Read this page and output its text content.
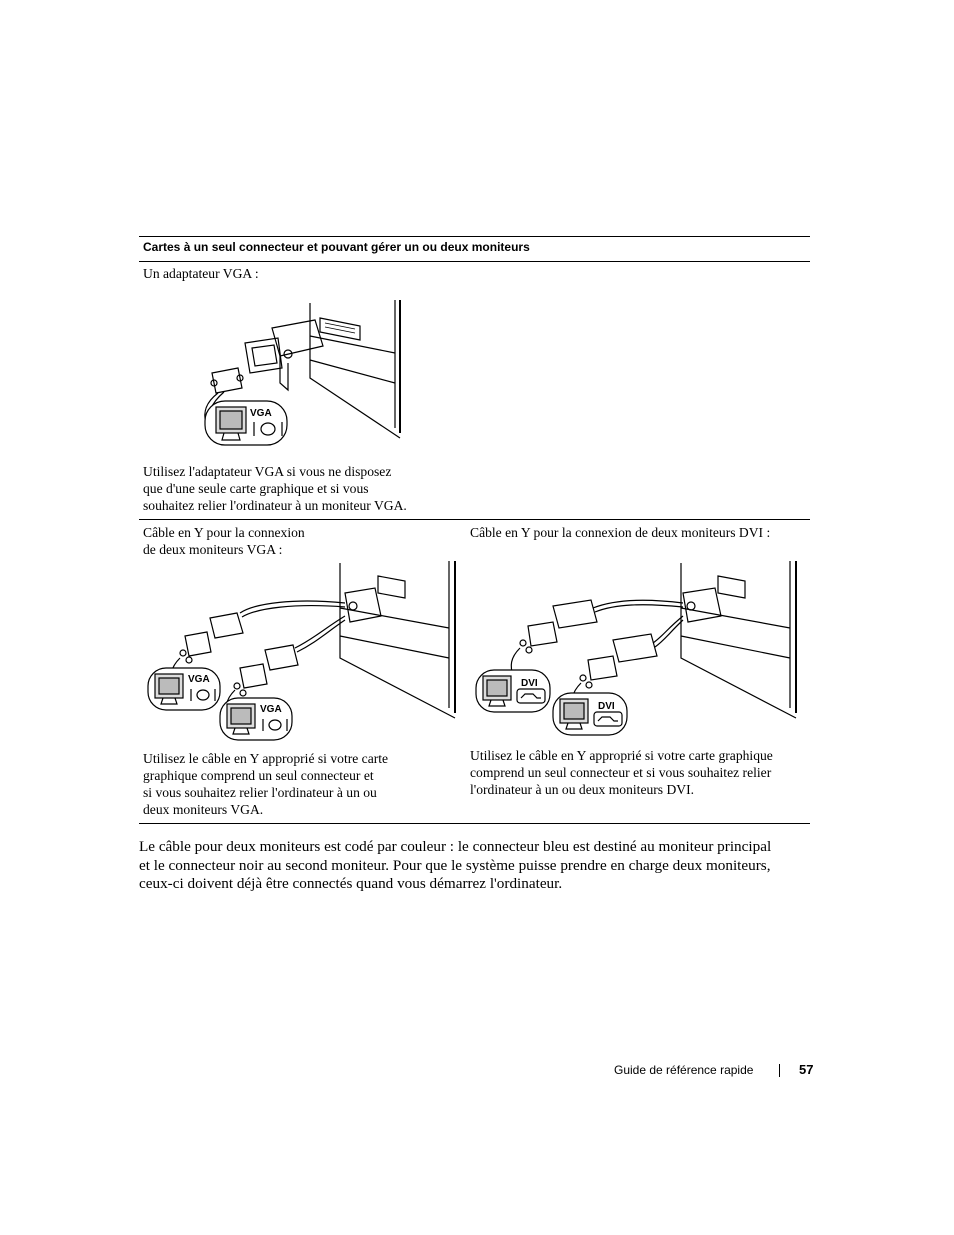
Cartes à un seul connecteur et pouvant gérer un ou deux moniteurs
Un adaptateur VGA :
VGA
Utilisez l'adaptateur VGA si vous ne disposez
que d'une seule carte graphique et si vous
souhaitez relier l'ordinateur à un moniteur VGA.
Câble en Y pour la connexion
de deux moniteurs VGA :
VGA
VGA
Utilisez le câble en Y approprié si votre carte
graphique comprend un seul connecteur et
si vous souhaitez relier l'ordinateur à un ou
deux moniteurs VGA.
Câble en Y pour la connexion de deux moniteurs DVI :
DVI
DVI
Utilisez le câble en Y approprié si votre carte graphique
comprend un seul connecteur et si vous souhaitez relier
l'ordinateur à un ou deux moniteurs DVI.
Le câble pour deux moniteurs est codé par couleur : le connecteur bleu est destiné au moniteur principal
et le connecteur noir au second moniteur. Pour que le système puisse prendre en charge deux moniteurs,
ceux-ci doivent déjà être connectés quand vous démarrez l'ordinateur.
Guide de référence rapide	57
